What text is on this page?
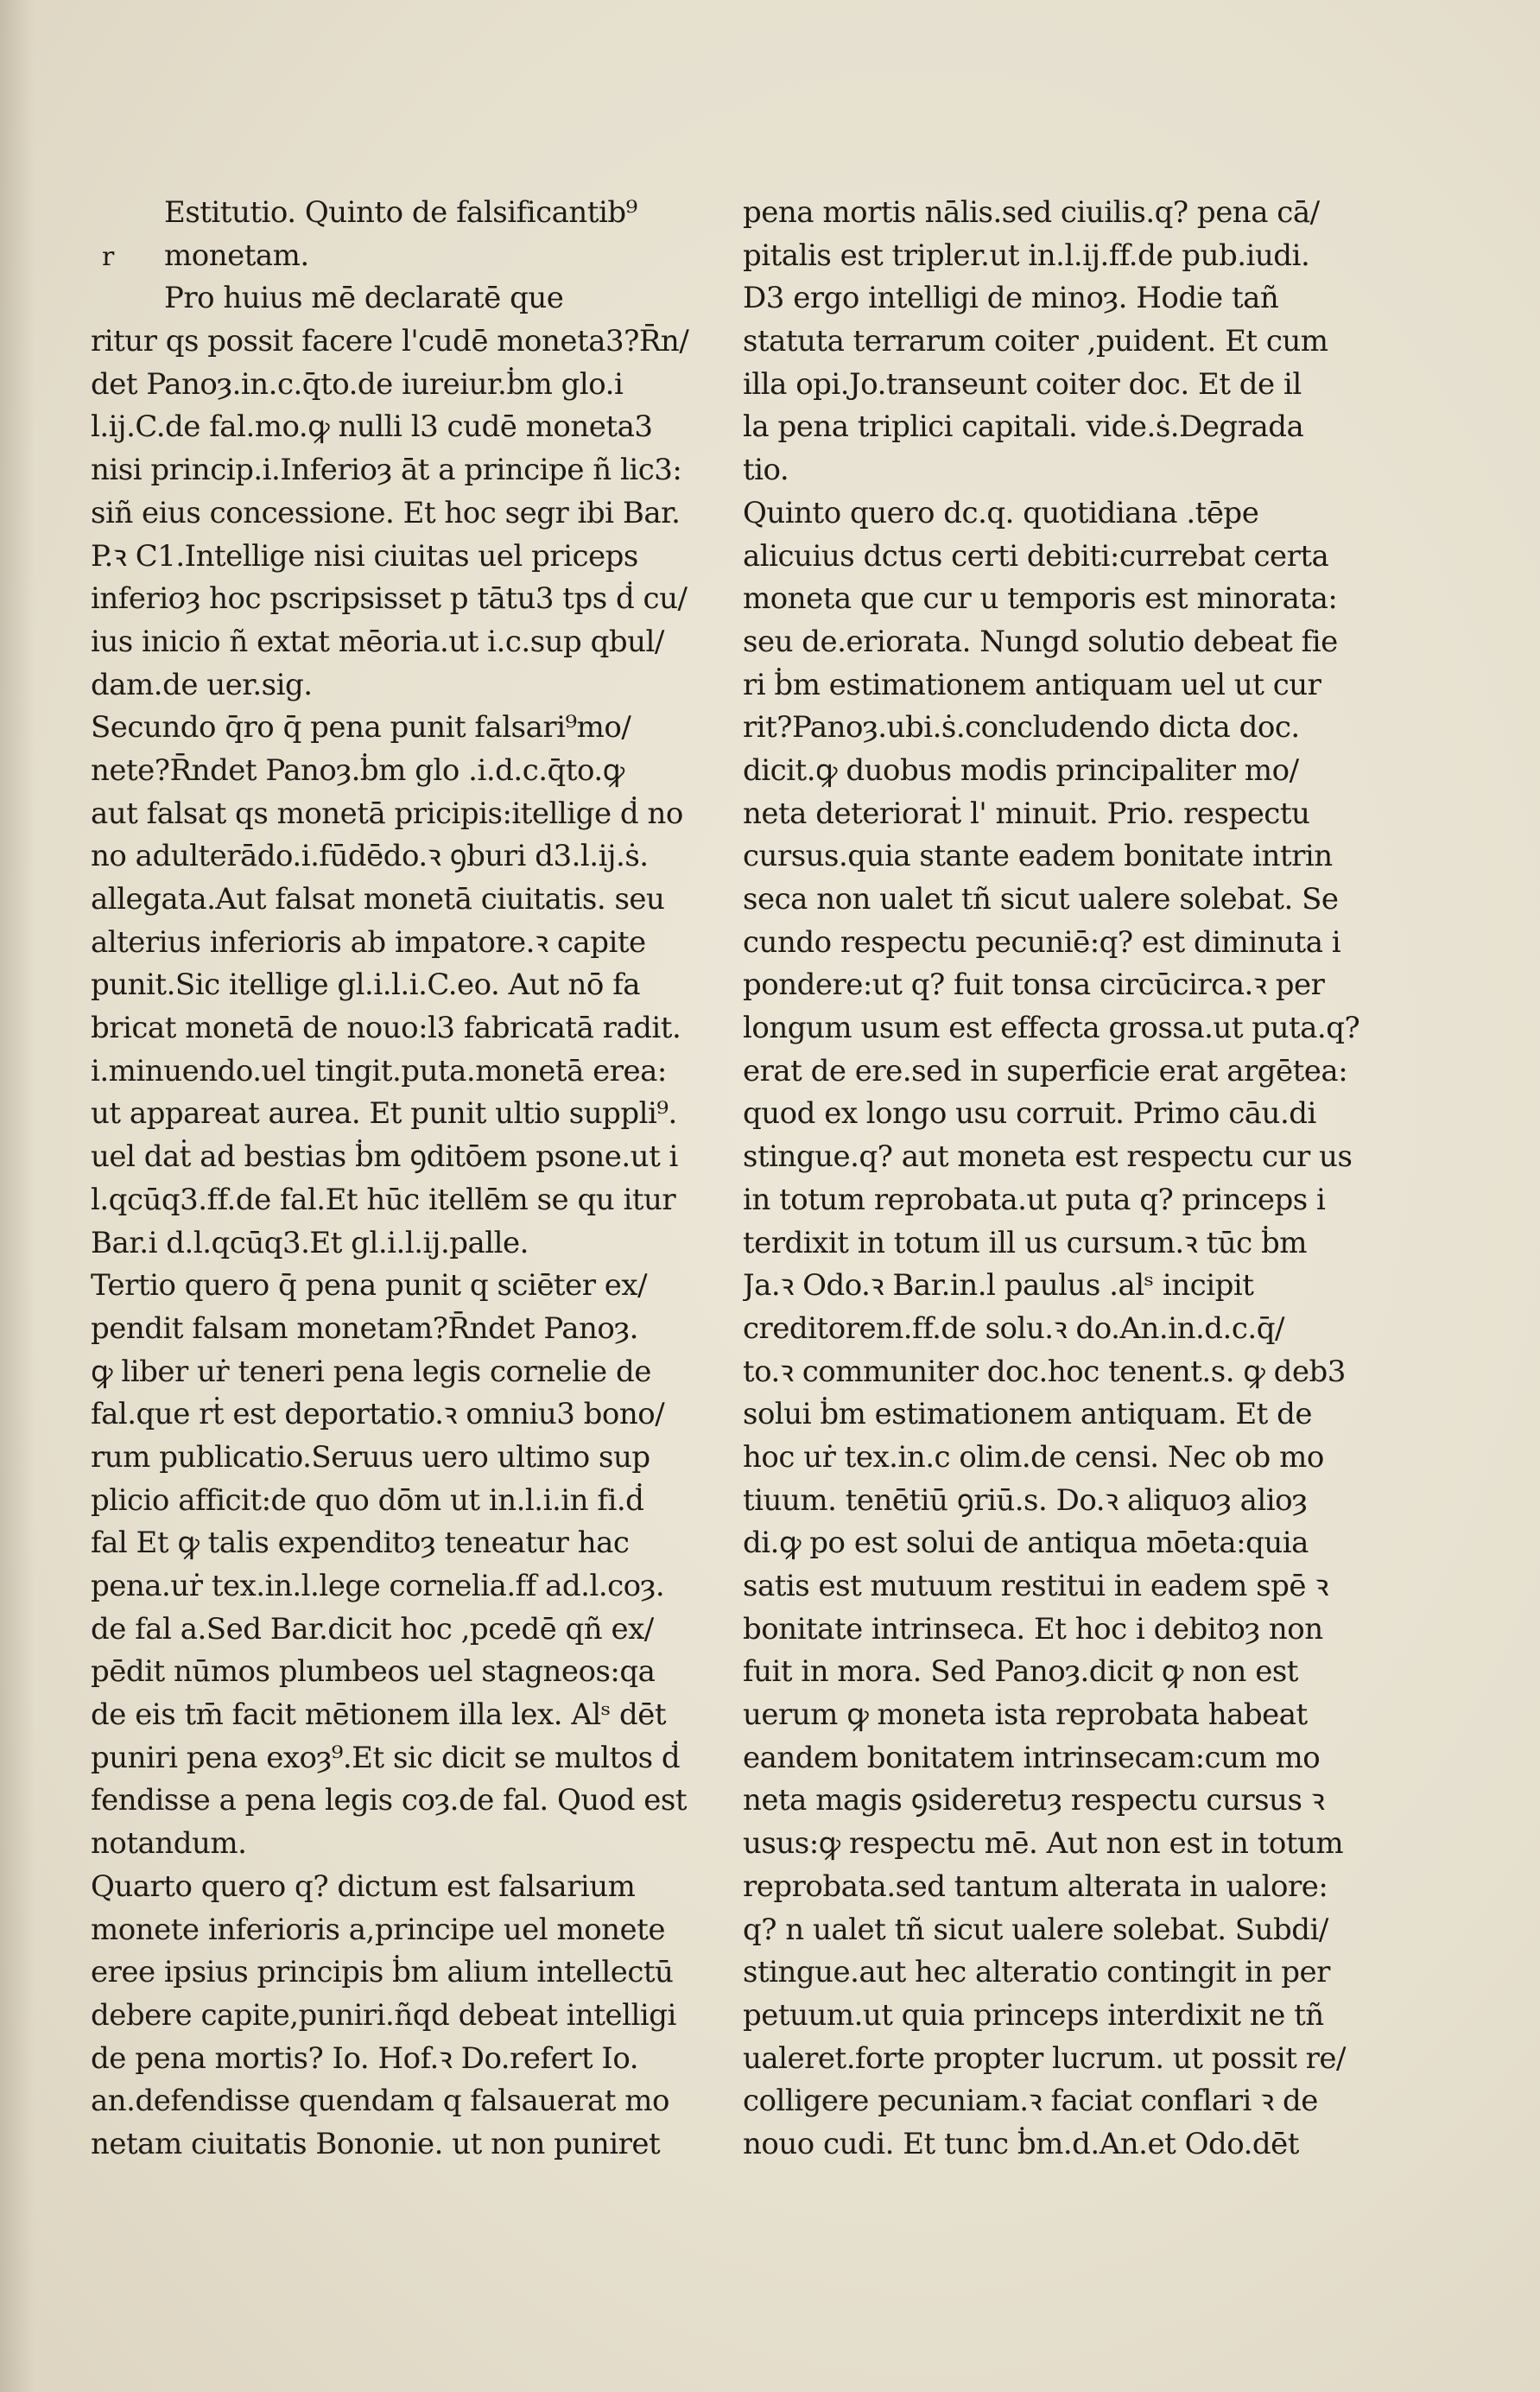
r
Estitutio. Quinto de falsificantib⁹
monetam.
Pro huius mē declaratē que
ritur qs possit facere l'cudē moneta3?R̄n/
det Panoȝ.in.c.q̄to.de iureiur.ḃm glo.i
l.ij.C.de fal.mo.ꝙ nulli l3 cudē moneta3
nisi princip.i.Inferioȝ āt a principe ñ lic3:
siñ eius concessione. Et hoc segr ibi Bar.
P.ꝛ C1.Intellige nisi ciuitas uel priceps
inferioȝ hoc pscripsisset p tātu3 tps ḋ cu/
ius inicio ñ extat mēoria.ut i.c.sup qbul/
dam.de uer.sig.
Secundo q̄ro q̄ pena punit falsari⁹mo/
nete?R̄ndet Panoȝ.ḃm glo .i.d.c.q̄to.ꝙ
aut falsat qs monetā pricipis:itellige ḋ no
no adulterādo.i.fūdēdo.ꝛ ꝯburi d3.l.ij.ṡ.
allegata.Aut falsat monetā ciuitatis. seu
alterius inferioris ab impatore.ꝛ capite
punit.Sic itellige gl.i.l.i.C.eo. Aut nō fa
bricat monetā de nouo:l3 fabricatā radit.
i.minuendo.uel tingit.puta.monetā erea:
ut appareat aurea. Et punit ultio suppli⁹.
uel daṫ ad bestias ḃm ꝯditōem psone.ut i
l.qcūq3.ff.de fal.Et hūc itellēm se qu itur
Bar.i d.l.qcūq3.Et gl.i.l.ij.palle.
Tertio quero q̄ pena punit q sciēter ex/
pendit falsam monetam?R̄ndet Panoȝ.
ꝙ liber uṙ teneri pena legis cornelie de
fal.que rṫ est deportatio.ꝛ omniu3 bono/
rum publicatio.Seruus uero ultimo sup
plicio afficit:de quo dōm ut in.l.i.in fi.ḋ
fal Et ꝙ talis expenditoȝ teneatur hac
pena.uṙ tex.in.l.lege cornelia.ff ad.l.coȝ.
de fal a.Sed Bar.dicit hoc ,pcedē qñ ex/
pēdit nūmos plumbeos uel stagneos:qa
de eis tm̄ facit mētionem illa lex. Alˢ dēt
puniri pena exoȝ⁹.Et sic dicit se multos ḋ
fendisse a pena legis coȝ.de fal. Quod est
notandum.
Quarto quero q? dictum est falsarium
monete inferioris a,principe uel monete
eree ipsius principis ḃm alium intellectū
debere capite,puniri.ñqd debeat intelligi
de pena mortis? Io. Hof.ꝛ Do.refert Io.
an.defendisse quendam q falsauerat mo
netam ciuitatis Bononie. ut non puniret
pena mortis nālis.sed ciuilis.q? pena cā/
pitalis est tripler.ut in.l.ij.ff.de pub.iudi.
D3 ergo intelligi de minoȝ. Hodie tañ
statuta terrarum coiter ,puident. Et cum
illa opi.Jo.transeunt coiter doc. Et de il
la pena triplici capitali. vide.ṡ.Degrada
tio.
Quinto quero dc.q. quotidiana .tēpe
alicuius dctus certi debiti:currebat certa
moneta que cur u temporis est minorata:
seu de.eriorata. Nungd solutio debeat fie
ri ḃm estimationem antiquam uel ut cur
rit?Panoȝ.ubi.ṡ.concludendo dicta doc.
dicit.ꝙ duobus modis principaliter mo/
neta deterioraṫ l' minuit. Prio. respectu
cursus.quia stante eadem bonitate intrin
seca non ualet tñ sicut ualere solebat. Se
cundo respectu pecuniē:q? est diminuta i
pondere:ut q? fuit tonsa circūcirca.ꝛ per
longum usum est effecta grossa.ut puta.q?
erat de ere.sed in superficie erat argētea:
quod ex longo usu corruit. Primo cāu.di
stingue.q? aut moneta est respectu cur us
in totum reprobata.ut puta q? princeps i
terdixit in totum ill us cursum.ꝛ tūc ḃm
Ja.ꝛ Odo.ꝛ Bar.in.l paulus .alˢ incipit
creditorem.ff.de solu.ꝛ do.An.in.d.c.q̄/
to.ꝛ communiter doc.hoc tenent.s. ꝙ deb3
solui ḃm estimationem antiquam. Et de
hoc uṙ tex.in.c olim.de censi. Nec ob mo
tiuum. tenētiū ꝯriū.s. Do.ꝛ aliquoȝ alioȝ
di.ꝙ po est solui de antiqua mōeta:quia
satis est mutuum restitui in eadem spē ꝛ
bonitate intrinseca. Et hoc i debitoȝ non
fuit in mora. Sed Panoȝ.dicit ꝙ non est
uerum ꝙ moneta ista reprobata habeat
eandem bonitatem intrinsecam:cum mo
neta magis ꝯsideretuȝ respectu cursus ꝛ
usus:ꝙ respectu mē. Aut non est in totum
reprobata.sed tantum alterata in ualore:
q? n ualet tñ sicut ualere solebat. Subdi/
stingue.aut hec alteratio contingit in per
petuum.ut quia princeps interdixit ne tñ
ualeret.forte propter lucrum. ut possit re/
colligere pecuniam.ꝛ faciat conflari ꝛ de
nouo cudi. Et tunc ḃm.d.An.et Odo.dēt
